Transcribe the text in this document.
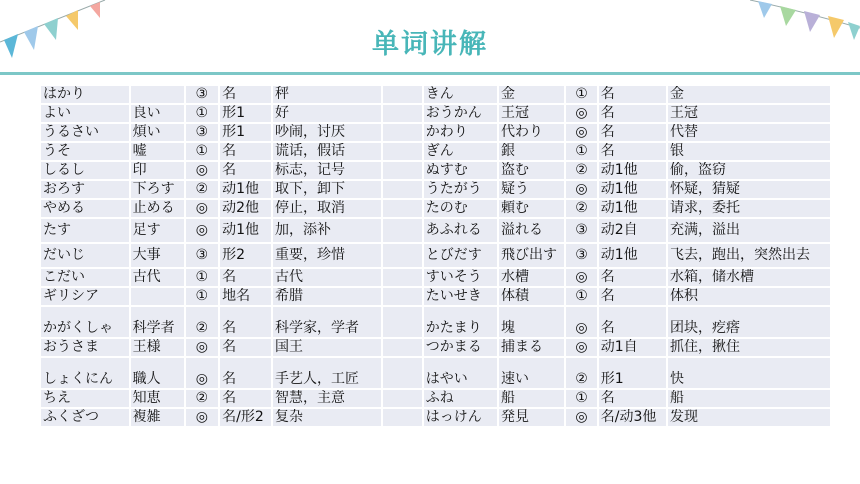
单词讲解
はかり		③	名	秤		きん	金	①	名	金
よい	良い	①	形1	好		おうかん	王冠	◎	名	王冠
うるさい	煩い	③	形1	吵闹，讨厌		かわり	代わり	◎	名	代替
うそ	嘘	①	名	谎话，假话		ぎん	銀	①	名	银
しるし	印	◎	名	标志，记号		ぬすむ	盗む	②	动1他	偷，盗窃
おろす	下ろす	②	动1他	取下，卸下		うたがう	疑う	◎	动1他	怀疑，猜疑
やめる	止める	◎	动2他	停止，取消		たのむ	頼む	②	动1他	请求，委托
たす	足す	◎	动1他	加，添补		あふれる	溢れる	③	动2自	充满，溢出
だいじ	大事	③	形2	重要，珍惜		とびだす	飛び出す	③	动1他	飞去，跑出，突然出去
こだい	古代	①	名	古代		すいそう	水槽	◎	名	水箱，储水槽
ギリシア		①	地名	希腊		たいせき	体積	①	名	体积
かがくしゃ	科学者	②	名	科学家，学者		かたまり	塊	◎	名	团块，疙瘩
おうさま	王様	◎	名	国王		つかまる	捕まる	◎	动1自	抓住，揪住
しょくにん	職人	◎	名	手艺人，工匠		はやい	速い	②	形1	快
ちえ	知恵	②	名	智慧，主意		ふね	船	①	名	船
ふくざつ	複雑	◎	名/形2	复杂		はっけん	発見	◎	名/动3他	发现
